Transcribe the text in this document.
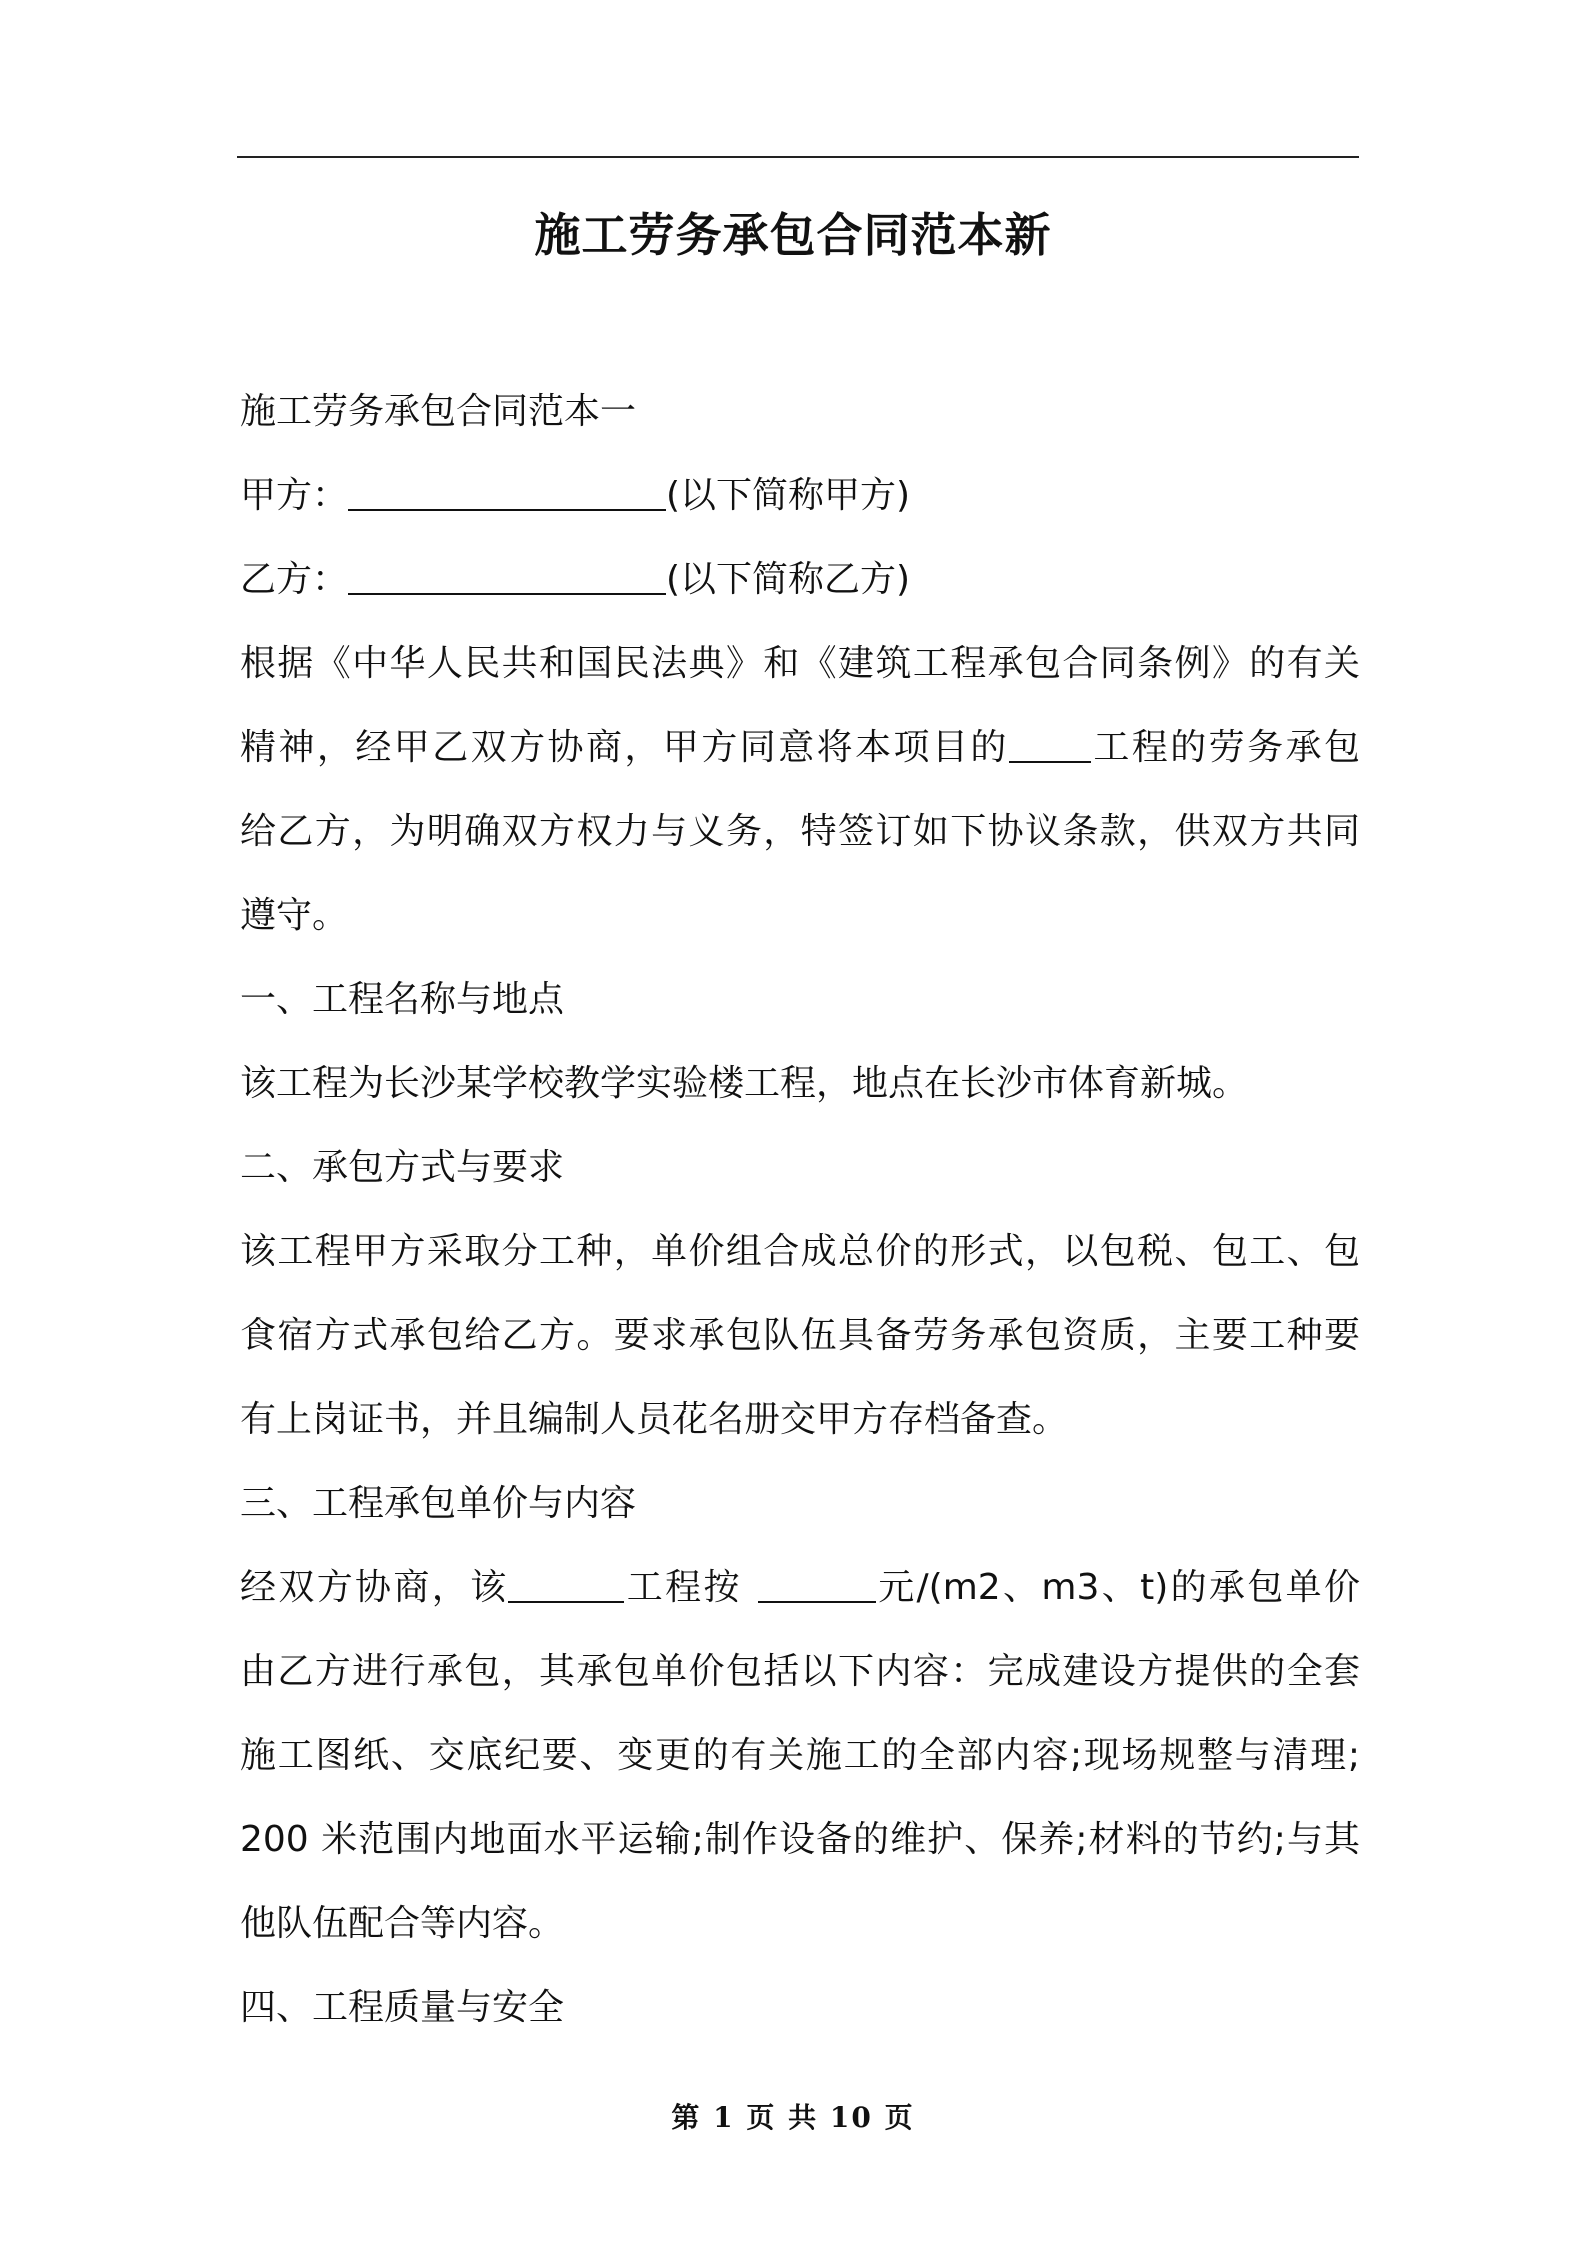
施工劳务承包合同范本新
施工劳务承包合同范本一
甲方：	(以下简称甲方)
乙方：	(以下简称乙方)
根据《中华人民共和国民法典》和《建筑工程承包合同条例》的有关
精神，经甲乙双方协商，甲方同意将本项目的 工程的劳务承包
给乙方，为明确双方权力与义务，特签订如下协议条款，供双方共同
遵守。
一、工程名称与地点
该工程为长沙某学校教学实验楼工程，地点在长沙市体育新城。
二、承包方式与要求
该工程甲方采取分工种，单价组合成总价的形式，以包税、包工、包
食宿方式承包给乙方。要求承包队伍具备劳务承包资质，主要工种要
有上岗证书，并且编制人员花名册交甲方存档备查。
三、工程承包单价与内容
经双方协商，该	工程按	元/(m2、m3、t)的承包单价
由乙方进行承包，其承包单价包括以下内容：完成建设方提供的全套
施工图纸、交底纪要、变更的有关施工的全部内容;现场规整与清理;
200 米范围内地面水平运输;制作设备的维护、保养;材料的节约;与其
他队伍配合等内容。
四、工程质量与安全
第 1 页 共 10 页
